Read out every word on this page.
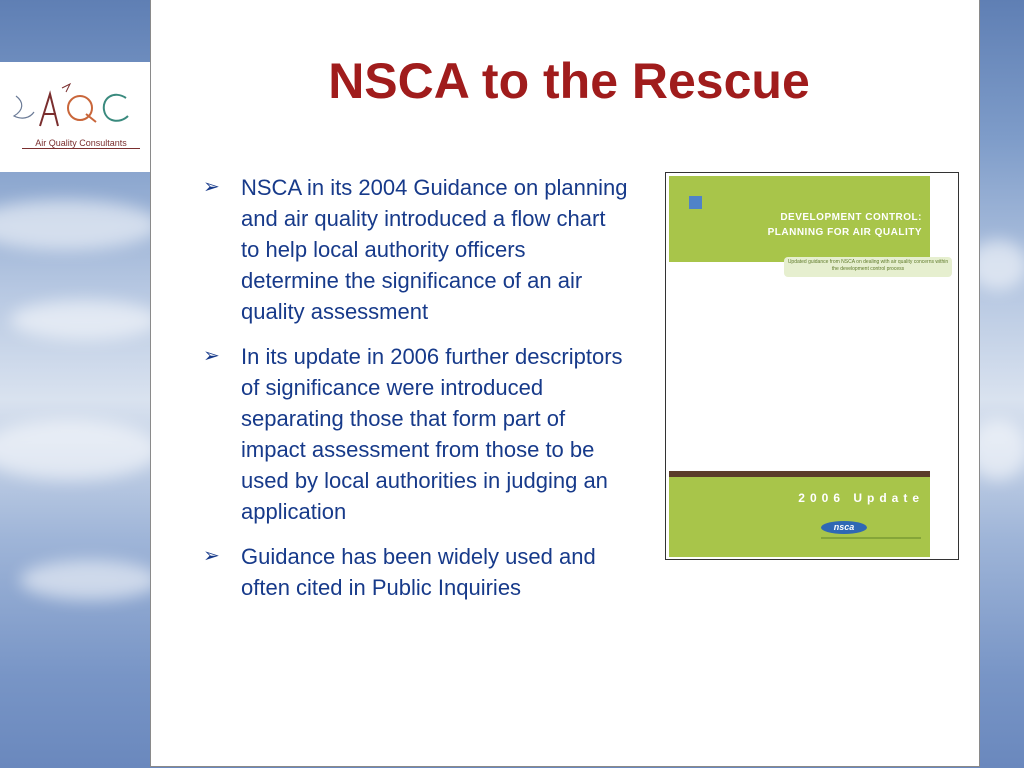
Air Quality Consultants
NSCA to the Rescue
➢ NSCA in its 2004 Guidance on planning and air quality introduced a flow chart to help local authority officers determine the significance of an air quality assessment
➢ In its update in 2006 further descriptors of significance were introduced separating those that form part of impact assessment from those to be used by local authorities in judging an application
➢ Guidance has been widely used and often cited in Public Inquiries
DEVELOPMENT CONTROL:
PLANNING FOR AIR QUALITY
Updated guidance from NSCA on dealing with air quality concerns within the development control process
2006 Update
nsca
